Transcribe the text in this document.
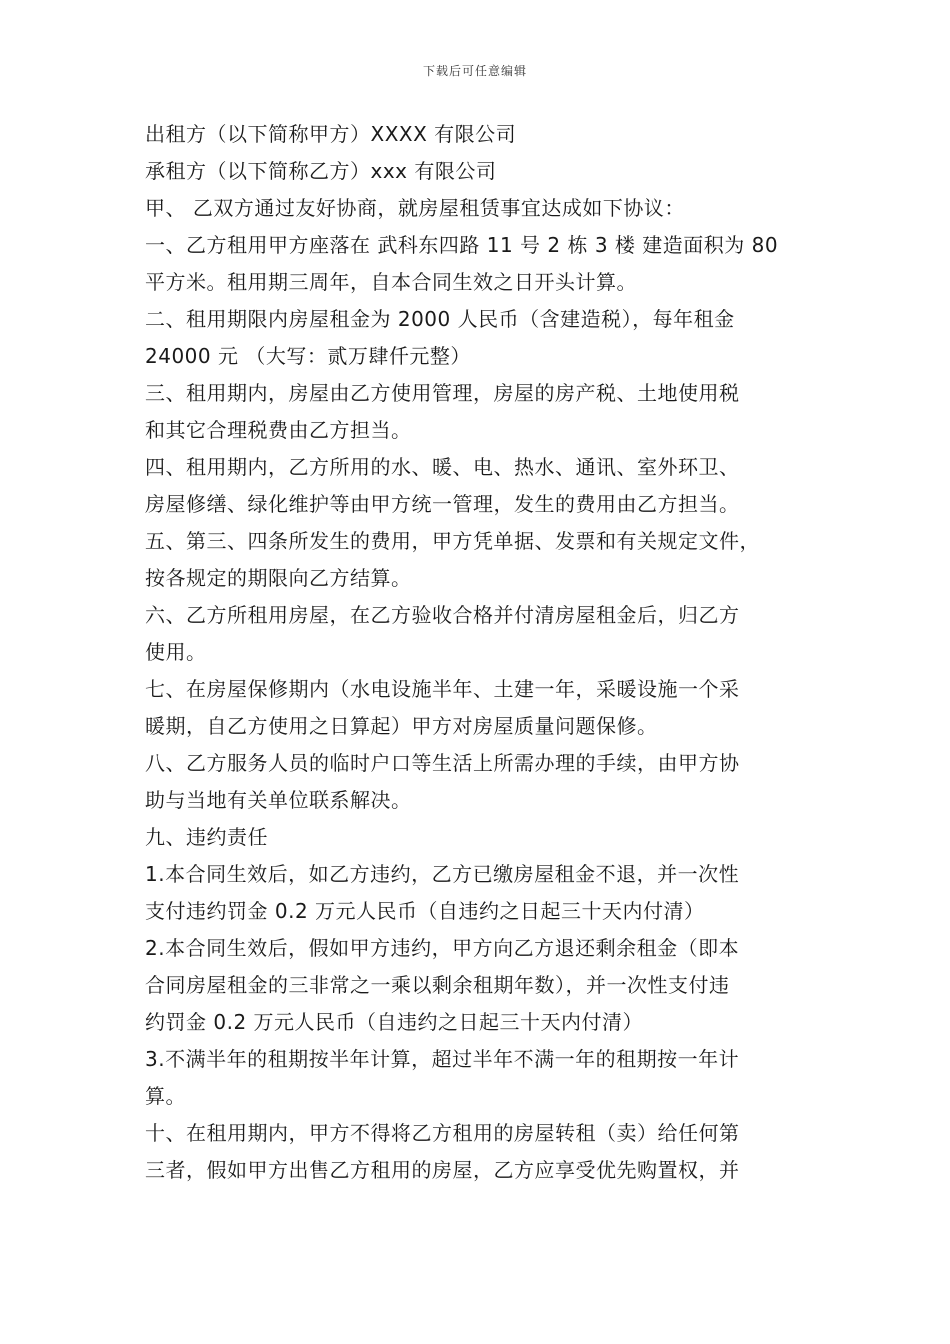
下载后可任意编辑
出租方（以下简称甲方）XXXX 有限公司
承租方（以下简称乙方）xxx 有限公司
甲、 乙双方通过友好协商，就房屋租赁事宜达成如下协议：
一、乙方租用甲方座落在 武科东四路 11 号 2 栋 3 楼 建造面积为 80
平方米。租用期三周年，自本合同生效之日开头计算。
二、租用期限内房屋租金为 2000 人民币（含建造税），每年租金
24000 元 （大写：贰万肆仟元整）
三、租用期内，房屋由乙方使用管理，房屋的房产税、土地使用税
和其它合理税费由乙方担当。
四、租用期内，乙方所用的水、暖、电、热水、通讯、室外环卫、
房屋修缮、绿化维护等由甲方统一管理，发生的费用由乙方担当。
五、第三、四条所发生的费用，甲方凭单据、发票和有关规定文件，
按各规定的期限向乙方结算。
六、乙方所租用房屋，在乙方验收合格并付清房屋租金后，归乙方
使用。
七、在房屋保修期内（水电设施半年、土建一年，采暖设施一个采
暖期，自乙方使用之日算起）甲方对房屋质量问题保修。
八、乙方服务人员的临时户口等生活上所需办理的手续，由甲方协
助与当地有关单位联系解决。
九、违约责任
1.本合同生效后，如乙方违约，乙方已缴房屋租金不退，并一次性
支付违约罚金 0.2 万元人民币（自违约之日起三十天内付清）
2.本合同生效后，假如甲方违约，甲方向乙方退还剩余租金（即本
合同房屋租金的三非常之一乘以剩余租期年数），并一次性支付违
约罚金 0.2 万元人民币（自违约之日起三十天内付清）
3.不满半年的租期按半年计算，超过半年不满一年的租期按一年计
算。
十、在租用期内，甲方不得将乙方租用的房屋转租（卖）给任何第
三者，假如甲方出售乙方租用的房屋，乙方应享受优先购置权，并
